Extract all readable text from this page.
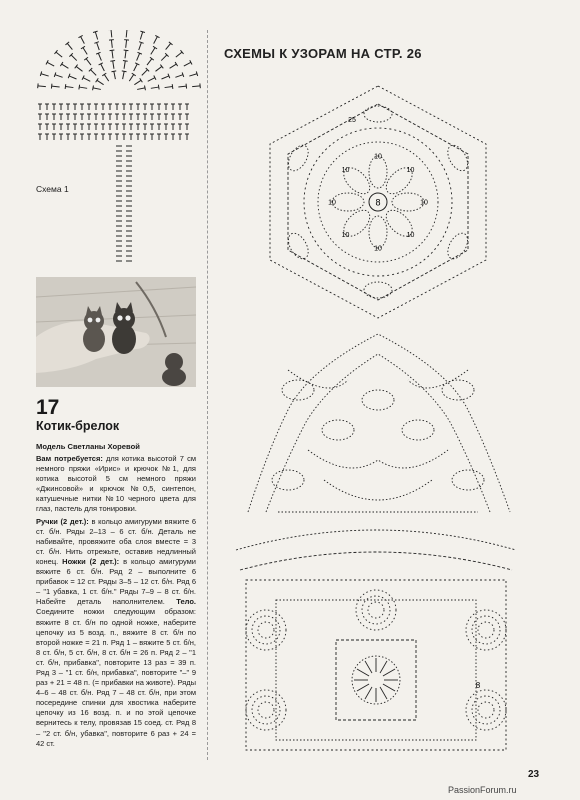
Схема 1
17
Котик-брелок
Модель Светланы Хоревой

Вам потребуется: для котика высотой 7 см немного пряжи «Ирис» и крючок №1, для котика высотой 5 см немного пряжи «Джинсовой» и крючок №0,5, синтепон, катушечные нитки №10 черного цвета для глаз, пастель для тонировки.

Ручки (2 дет.): в кольцо амигуруми вяжите 6 ст. б/н. Ряды 2–13 – 6 ст. б/н. Деталь не набивайте, провяжите оба слоя вместе = 3 ст. б/н. Нить отрежьте, оставив недлинный конец. Ножки (2 дет.): в кольцо амигуруми вяжите 6 ст. б/н. Ряд 2 – выполните 6 прибавок = 12 ст. Ряды 3–5 – 12 ст. б/н. Ряд 6 – "1 убавка, 1 ст. б/н." Ряды 7–9 – 8 ст. б/н. Набейте деталь наполнителем. Тело. Соедините ножки следующим образом: вяжите 8 ст. б/н по одной ножке, наберите цепочку из 5 возд. п., вяжите 8 ст. б/н по второй ножке = 21 п. Ряд 1 – вяжите 5 ст. б/н, 8 ст. б/н, 5 ст. б/н, 8 ст. б/н = 26 п. Ряд 2 – "1 ст. б/н, прибавка", повторите 13 раз = 39 п. Ряд 3 – "1 ст. б/н, прибавка", повторите "–" 9 раз + 21 = 48 п. (= прибавки на животе). Ряды 4–6 – 48 ст. б/н. Ряд 7 – 48 ст. б/н, при этом посередине спинки для хвостика наберите цепочку из 16 возд. п. и по этой цепочке вернитесь к телу, провязав 15 соед. ст. Ряд 8 – "2 ст. б/н, убавка", повторите 6 раз + 24 = 42 ст.

СХЕМЫ К УЗОРАМ НА СТР. 26
8
25
10
10
10
10
10
10
10
10
8
23
PassionForum.ru
